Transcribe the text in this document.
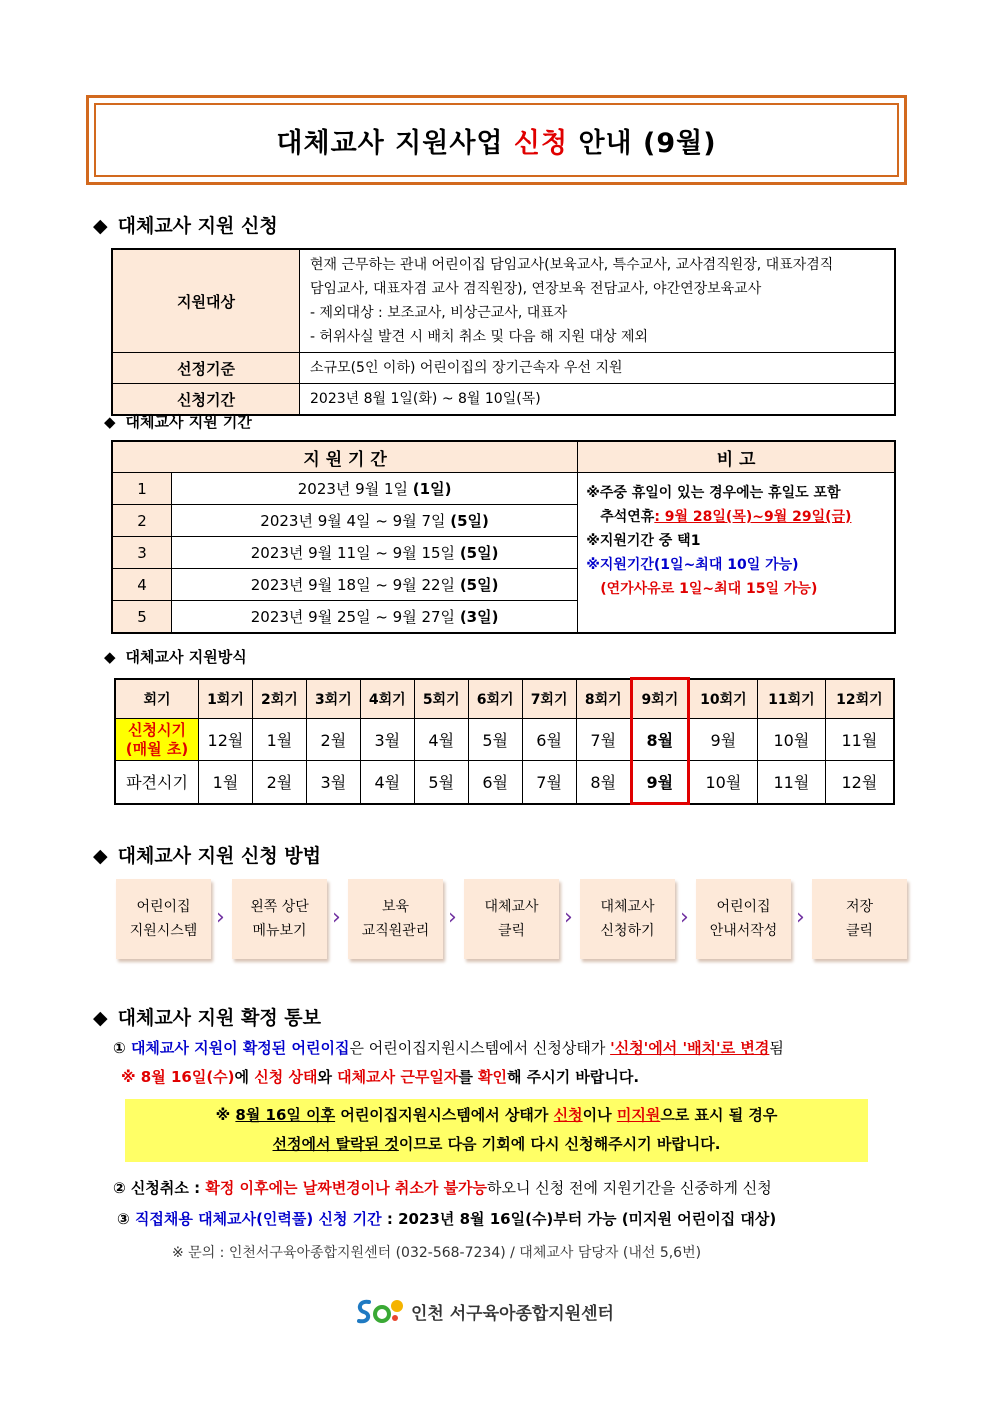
대체교사 지원사업 신청 안내 (9월)
◆ 대체교사 지원 신청
지원대상	현재 근무하는 관내 어린이집 담임교사(보육교사, 특수교사, 교사겸직원장, 대표자겸직
담임교사, 대표자겸 교사 겸직원장), 연장보육 전담교사, 야간연장보육교사
- 제외대상 : 보조교사, 비상근교사, 대표자
- 허위사실 발견 시 배치 취소 및 다음 해 지원 대상 제외

선정기준	소규모(5인 이하) 어린이집의 장기근속자 우선 지원
신청기간	2023년 8월 1일(화) ~ 8월 10일(목)
◆ 대체교사 지원 기간
지 원 기 간		비 고
1	2023년 9월 1일 (1일)	※주중 휴일이 있는 경우에는 휴일도 포함
추석연휴: 9월 28일(목)~9월 29일(금)
※지원기간 중 택1
※지원기간(1일~최대 10일 가능)
(연가사유로 1일~최대 15일 가능)

2	2023년 9월 4일 ~ 9월 7일 (5일)	
3	2023년 9월 11일 ~ 9월 15일 (5일)	
4	2023년 9월 18일 ~ 9월 22일 (5일)	
5	2023년 9월 25일 ~ 9월 27일 (3일)	
◆ 대체교사 지원방식
회기	1회기	2회기	3회기	4회기	5회기	6회기	7회기	8회기	9회기	10회기	11회기	12회기

신청시기
(매월 초)	12월	1월	2월	3월	4월	5월	6월	7월	8월	9월	10월	11월
파견시기	1월	2월	3월	4월	5월	6월	7월	8월	9월	10월	11월	12월
◆ 대체교사 지원 신청 방법
어린이집
지원시스템
› 왼쪽 상단
메뉴보기
›	보육
교직원관리
› 대체교사
클릭
› 대체교사
신청하기
›	어린이집
안내서작성
›	저장
클릭
◆ 대체교사 지원 확정 통보
① 대체교사 지원이 확정된 어린이집은 어린이집지원시스템에서 신청상태가 '신청'에서 '배치'로 변경됨
※ 8월 16일(수)에 신청 상태와 대체교사 근무일자를 확인해 주시기 바랍니다.
※ 8월 16일 이후 어린이집지원시스템에서 상태가 신청이나 미지원으로 표시 될 경우
선정에서 탈락된 것이므로 다음 기회에 다시 신청해주시기 바랍니다.
② 신청취소 : 확정 이후에는 날짜변경이나 취소가 불가능하오니 신청 전에 지원기간을 신중하게 신청
③ 직접채용 대체교사(인력풀) 신청 기간 : 2023년 8월 16일(수)부터 가능 (미지원 어린이집 대상)
※ 문의 : 인천서구육아종합지원센터 (032-568-7234) / 대체교사 담당자 (내선 5,6번)
인천 서구육아종합지원센터
